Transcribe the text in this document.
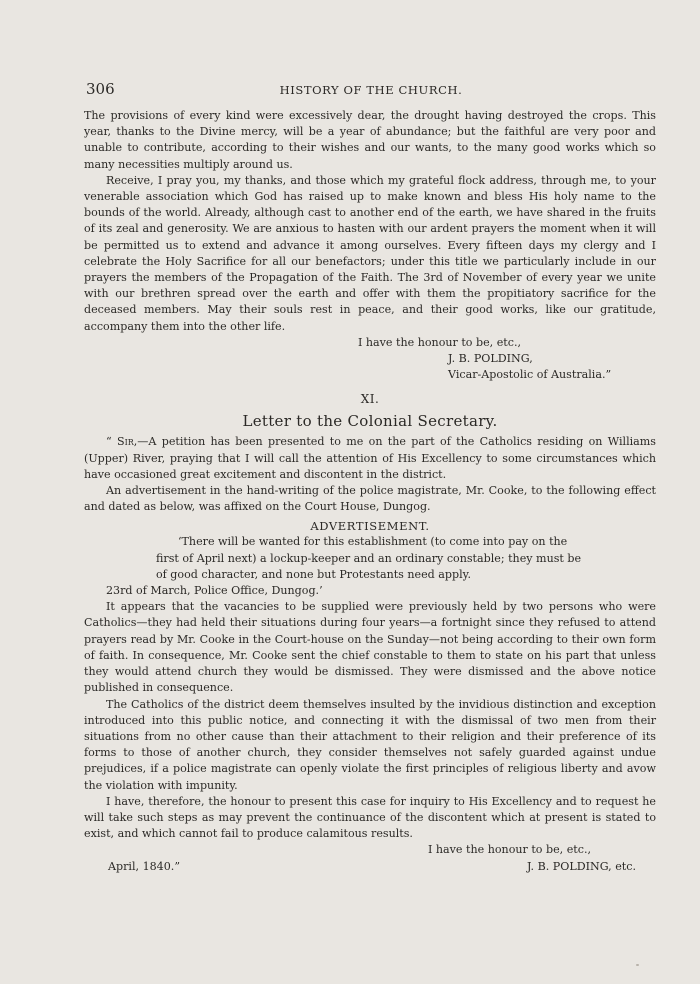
306	HISTORY OF THE CHURCH.

The provisions of every kind were excessively dear, the drought having destroyed the crops. This year, thanks to the Divine mercy, will be a year of abundance; but the faithful are very poor and unable to contribute, according to their wishes and our wants, to the many good works which so many necessities multiply around us.

Receive, I pray you, my thanks, and those which my grateful flock address, through me, to your venerable association which God has raised up to make known and bless His holy name to the bounds of the world. Already, although cast to another end of the earth, we have shared in the fruits of its zeal and generosity. We are anxious to hasten with our ardent prayers the moment when it will be permitted us to extend and advance it among ourselves. Every fifteen days my clergy and I celebrate the Holy Sacrifice for all our benefactors; under this title we particularly include in our prayers the members of the Propagation of the Faith. The 3rd of November of every year we unite with our brethren spread over the earth and offer with them the propitiatory sacrifice for the deceased members. May their souls rest in peace, and their good works, like our gratitude, accompany them into the other life.

I have the honour to be, etc.,
J. B. POLDING,
Vicar-Apostolic of Australia.”
XI.
Letter to the Colonial Secretary.

“ Sir,—A petition has been presented to me on the part of the Catholics residing on Williams (Upper) River, praying that I will call the attention of His Excellency to some circumstances which have occasioned great excitement and discontent in the district.

An advertisement in the hand-writing of the police magistrate, Mr. Cooke, to the following effect and dated as below, was affixed on the Court House, Dungog.

ADVERTISEMENT.
‘There will be wanted for this establishment (to come into pay on the first of April next) a lockup-keeper and an ordinary constable; they must be of good character, and none but Protestants need apply.

23rd of March, Police Office, Dungog.’

It appears that the vacancies to be supplied were previously held by two persons who were Catholics—they had held their situations during four years—a fortnight since they refused to attend prayers read by Mr. Cooke in the Court-house on the Sunday—not being according to their own form of faith. In consequence, Mr. Cooke sent the chief constable to them to state on his part that unless they would attend church they would be dismissed. They were dismissed and the above notice published in consequence.

The Catholics of the district deem themselves insulted by the invidious distinction and exception introduced into this public notice, and connecting it with the dismissal of two men from their situations from no other cause than their attachment to their religion and their preference of its forms to those of another church, they consider themselves not safely guarded against undue prejudices, if a police magistrate can openly violate the first principles of religious liberty and avow the violation with impunity.

I have, therefore, the honour to present this case for inquiry to His Excellency and to request he will take such steps as may prevent the continuance of the discontent which at present is stated to exist, and which cannot fail to produce calamitous results.

I have the honour to be, etc.,
April, 1840.”	J. B. POLDING, etc.
